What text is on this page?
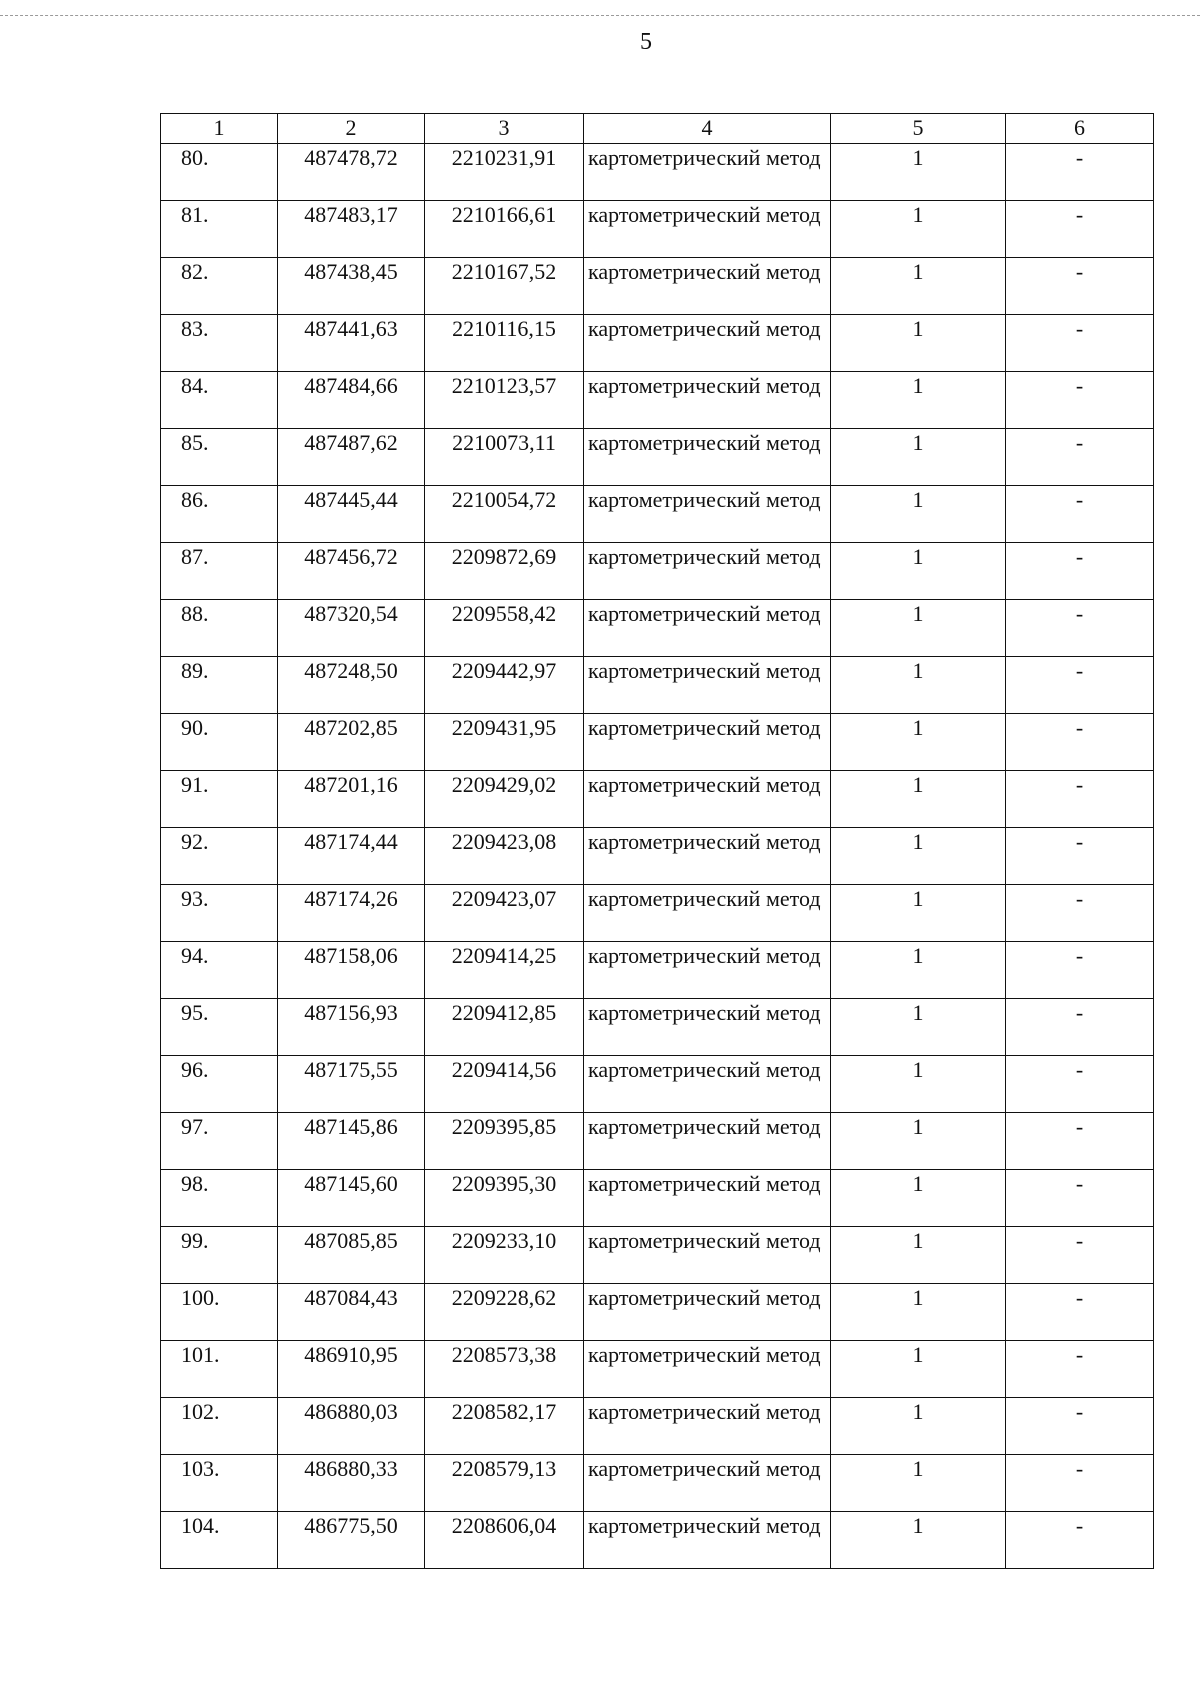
5
1	2	3	4	5	6
80.	487478,72	2210231,91	картометрический метод	1	-
81.	487483,17	2210166,61	картометрический метод	1	-
82.	487438,45	2210167,52	картометрический метод	1	-
83.	487441,63	2210116,15	картометрический метод	1	-
84.	487484,66	2210123,57	картометрический метод	1	-
85.	487487,62	2210073,11	картометрический метод	1	-
86.	487445,44	2210054,72	картометрический метод	1	-
87.	487456,72	2209872,69	картометрический метод	1	-
88.	487320,54	2209558,42	картометрический метод	1	-
89.	487248,50	2209442,97	картометрический метод	1	-
90.	487202,85	2209431,95	картометрический метод	1	-
91.	487201,16	2209429,02	картометрический метод	1	-
92.	487174,44	2209423,08	картометрический метод	1	-
93.	487174,26	2209423,07	картометрический метод	1	-
94.	487158,06	2209414,25	картометрический метод	1	-
95.	487156,93	2209412,85	картометрический метод	1	-
96.	487175,55	2209414,56	картометрический метод	1	-
97.	487145,86	2209395,85	картометрический метод	1	-
98.	487145,60	2209395,30	картометрический метод	1	-
99.	487085,85	2209233,10	картометрический метод	1	-
100.	487084,43	2209228,62	картометрический метод	1	-
101.	486910,95	2208573,38	картометрический метод	1	-
102.	486880,03	2208582,17	картометрический метод	1	-
103.	486880,33	2208579,13	картометрический метод	1	-
104.	486775,50	2208606,04	картометрический метод	1	-
